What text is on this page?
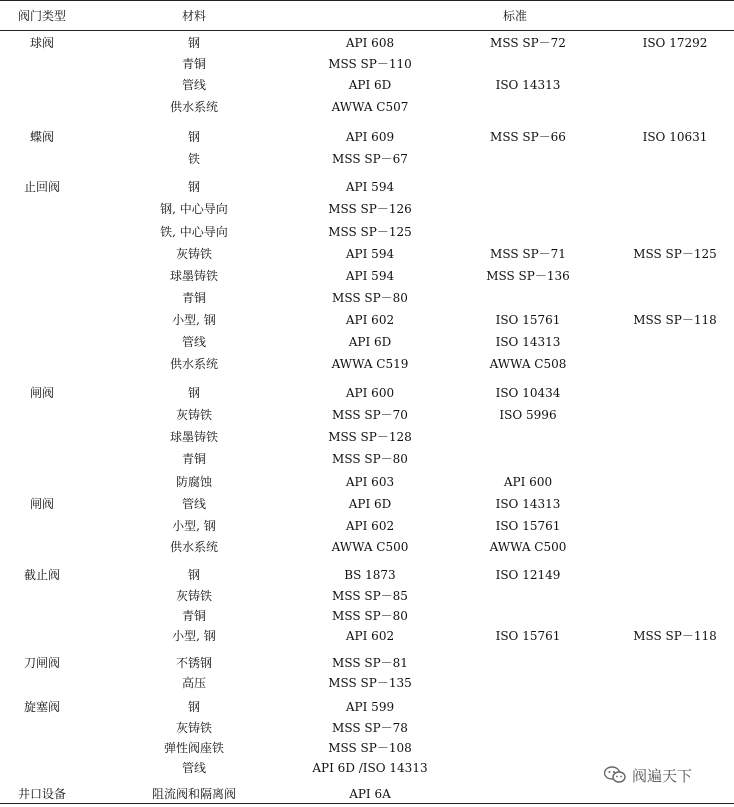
阀门类型	材料	标准
球阀	钢	API 608	MSS SP－72	ISO 17292
青铜	MSS SP－110
管线	API 6D	ISO 14313
供水系统	AWWA C507
蝶阀	钢	API 609	MSS SP－66	ISO 10631
铁	MSS SP－67
止回阀	钢	API 594
钢, 中心导向	MSS SP－126
铁, 中心导向	MSS SP－125
灰铸铁	API 594	MSS SP－71	MSS SP－125
球墨铸铁	API 594	MSS SP－136
青铜	MSS SP－80
小型, 钢	API 602	ISO 15761	MSS SP－118
管线	API 6D	ISO 14313
供水系统	AWWA C519	AWWA C508
闸阀	钢	API 600	ISO 10434
灰铸铁	MSS SP－70	ISO 5996
球墨铸铁	MSS SP－128
青铜	MSS SP－80
防腐蚀	API 603	API 600
闸阀	管线	API 6D	ISO 14313
小型, 钢	API 602	ISO 15761
供水系统	AWWA C500	AWWA C500
截止阀	钢	BS 1873	ISO 12149
灰铸铁	MSS SP－85
青铜	MSS SP－80
小型, 钢	API 602	ISO 15761	MSS SP－118
刀闸阀	不锈钢	MSS SP－81
高压	MSS SP－135
旋塞阀	钢	API 599
灰铸铁	MSS SP－78
弹性阀座铁	MSS SP－108
管线	API 6D /ISO 14313
井口设备	阻流阀和隔离阀	API 6A
阀遍天下
